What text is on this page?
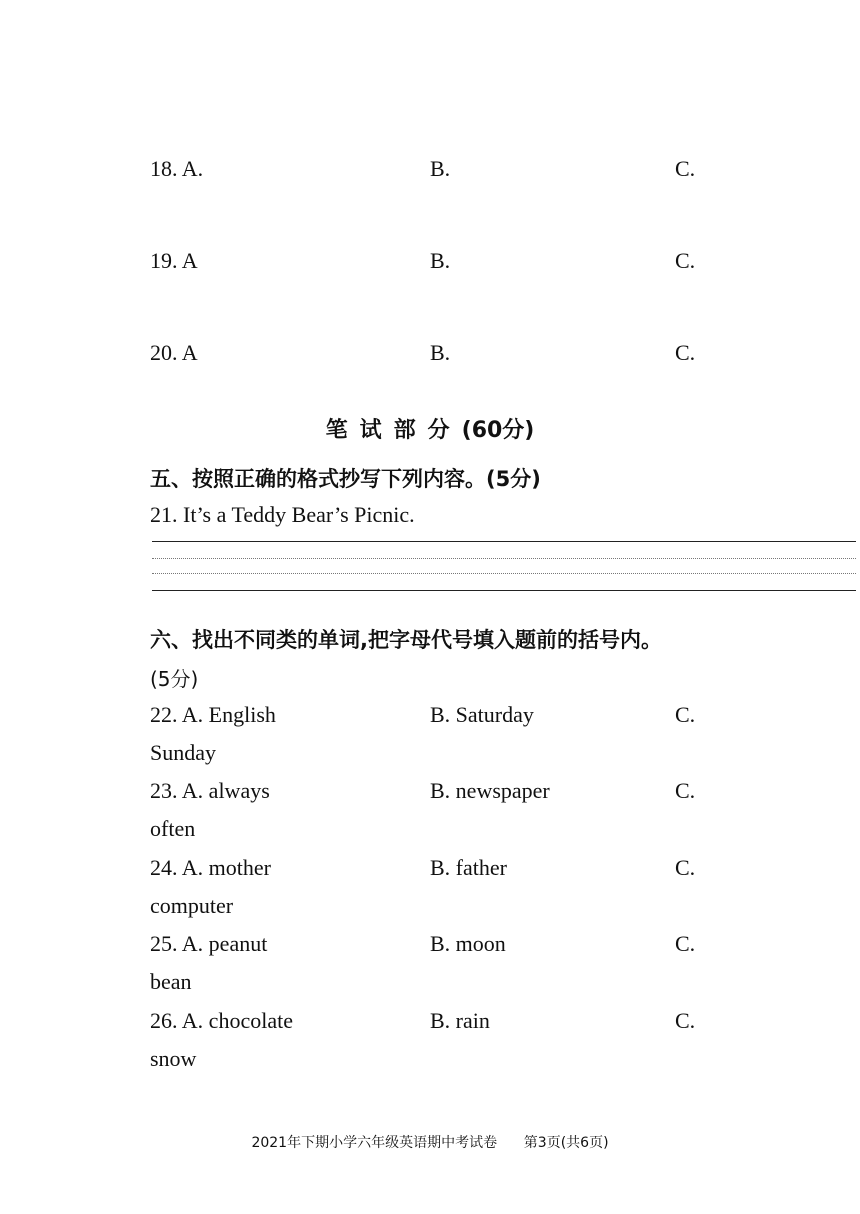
18. A.	B.	C.
19. A	B.	C.
20. A	B.	C.
笔试部分(60分)
五、按照正确的格式抄写下列内容。(5分)
21. It’s a Teddy Bear’s Picnic.
六、找出不同类的单词,把字母代号填入题前的括号内。
(5分)
22. A. English	B. Saturday	C.
Sunday
23. A. always	B. newspaper	C.
often
24. A. mother	B. father	C.
computer
25. A. peanut	B. moon	C.
bean
26. A. chocolate	B. rain	C.
snow
2021年下期小学六年级英语期中考试卷 第3页(共6页)
